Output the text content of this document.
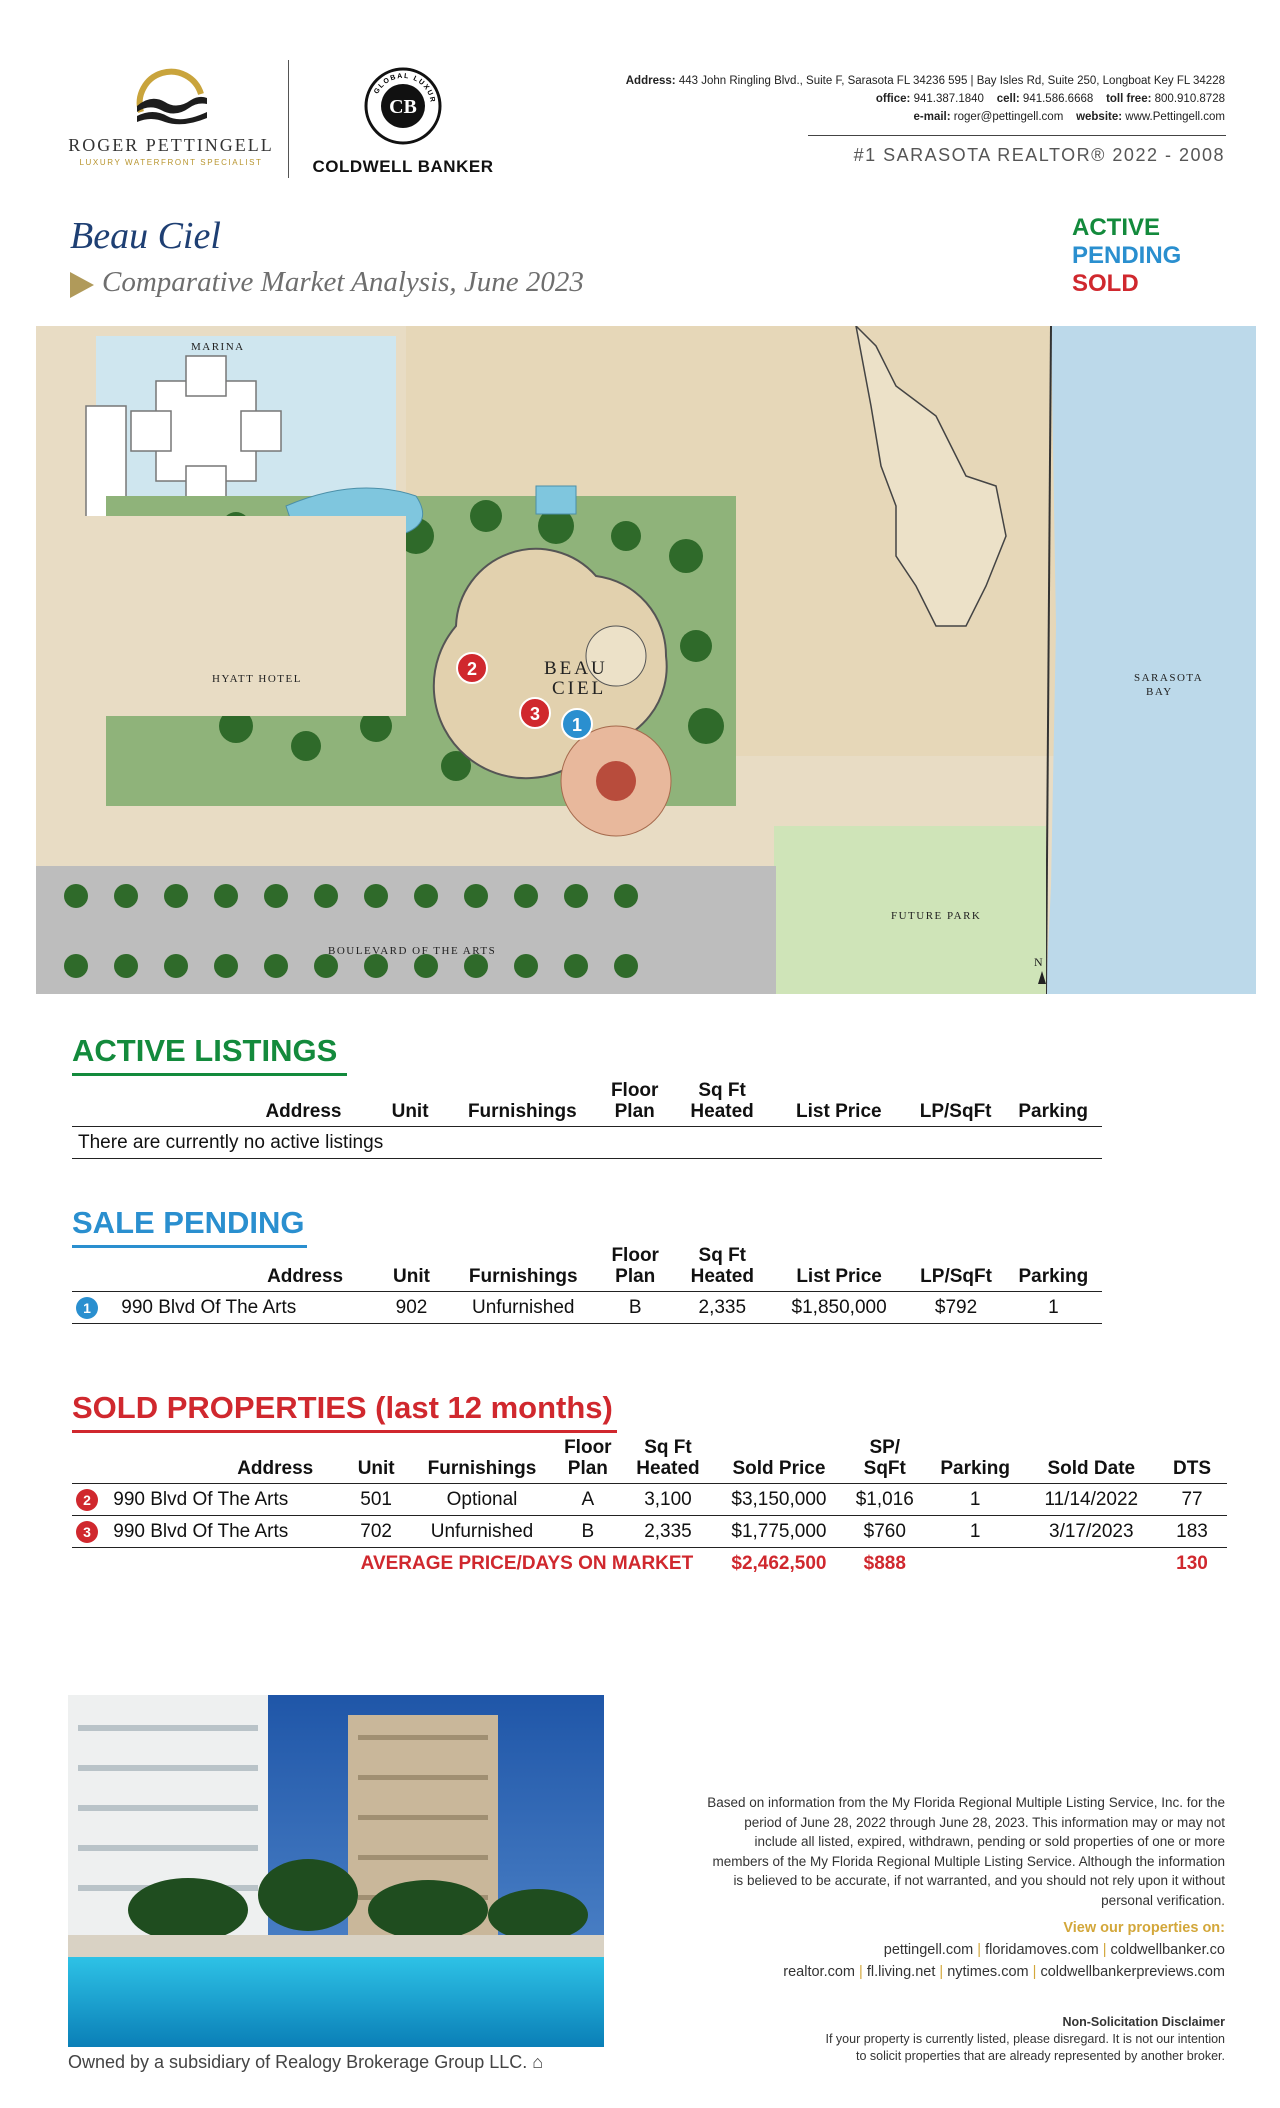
ROGER PETTINGELL
LUXURY WATERFRONT SPECIALIST
CB
GLOBAL LUXUR
COLDWELL BANKER
Address: 443 John Ringling Blvd., Suite F, Sarasota FL 34236 595 | Bay Isles Rd, Suite 250, Longboat Key FL 34228
office: 941.387.1840 cell: 941.586.6668 toll free: 800.910.8728
e-mail: roger@pettingell.com website: www.Pettingell.com
#1 SARASOTA REALTOR® 2022 - 2008
Beau Ciel
Comparative Market Analysis, June 2023
ACTIVE
PENDING
SOLD
MARINA
HYATT HOTEL	SARASOTA
BAY
FUTURE PARK
BOULEVARD OF THE ARTS
N
BEAU
CIEL
2
3
1
ACTIVE LISTINGS
Address	Unit	Furnishings	Floor Plan	Sq Ft Heated	List Price	LP/SqFt	Parking
There are currently no active listings
SALE PENDING
Address	Unit	Furnishings	Floor Plan	Sq Ft Heated	List Price	LP/SqFt	Parking
1 990 Blvd Of The Arts	902	Unfurnished	B	2,335	$1,850,000	$792	1
SOLD PROPERTIES (last 12 months)
Address	Unit	Furnishings	Floor Plan	Sq Ft Heated	Sold Price	SP/ SqFt	Parking	Sold Date	DTS
2 990 Blvd Of The Arts	501	Optional	A	3,100	$3,150,000	$1,016	1	11/14/2022	77
3 990 Blvd Of The Arts	702	Unfurnished	B	2,335	$1,775,000	$760	1	3/17/2023	183
AVERAGE PRICE/DAYS ON MARKET					$2,462,500	$888			130
Owned by a subsidiary of Realogy Brokerage Group LLC. ⌂
Based on information from the My Florida Regional Multiple Listing Service, Inc. for the period of June 28, 2022 through June 28, 2023. This information may or may not include all listed, expired, withdrawn, pending or sold properties of one or more members of the My Florida Regional Multiple Listing Service. Although the information is believed to be accurate, if not warranted, and you should not rely upon it without personal verification.
View our properties on:
pettingell.com | floridamoves.com | coldwellbanker.co
realtor.com | fl.living.net | nytimes.com | coldwellbankerpreviews.com
Non-Solicitation Disclaimer
If your property is currently listed, please disregard. It is not our intention
to solicit properties that are already represented by another broker.
